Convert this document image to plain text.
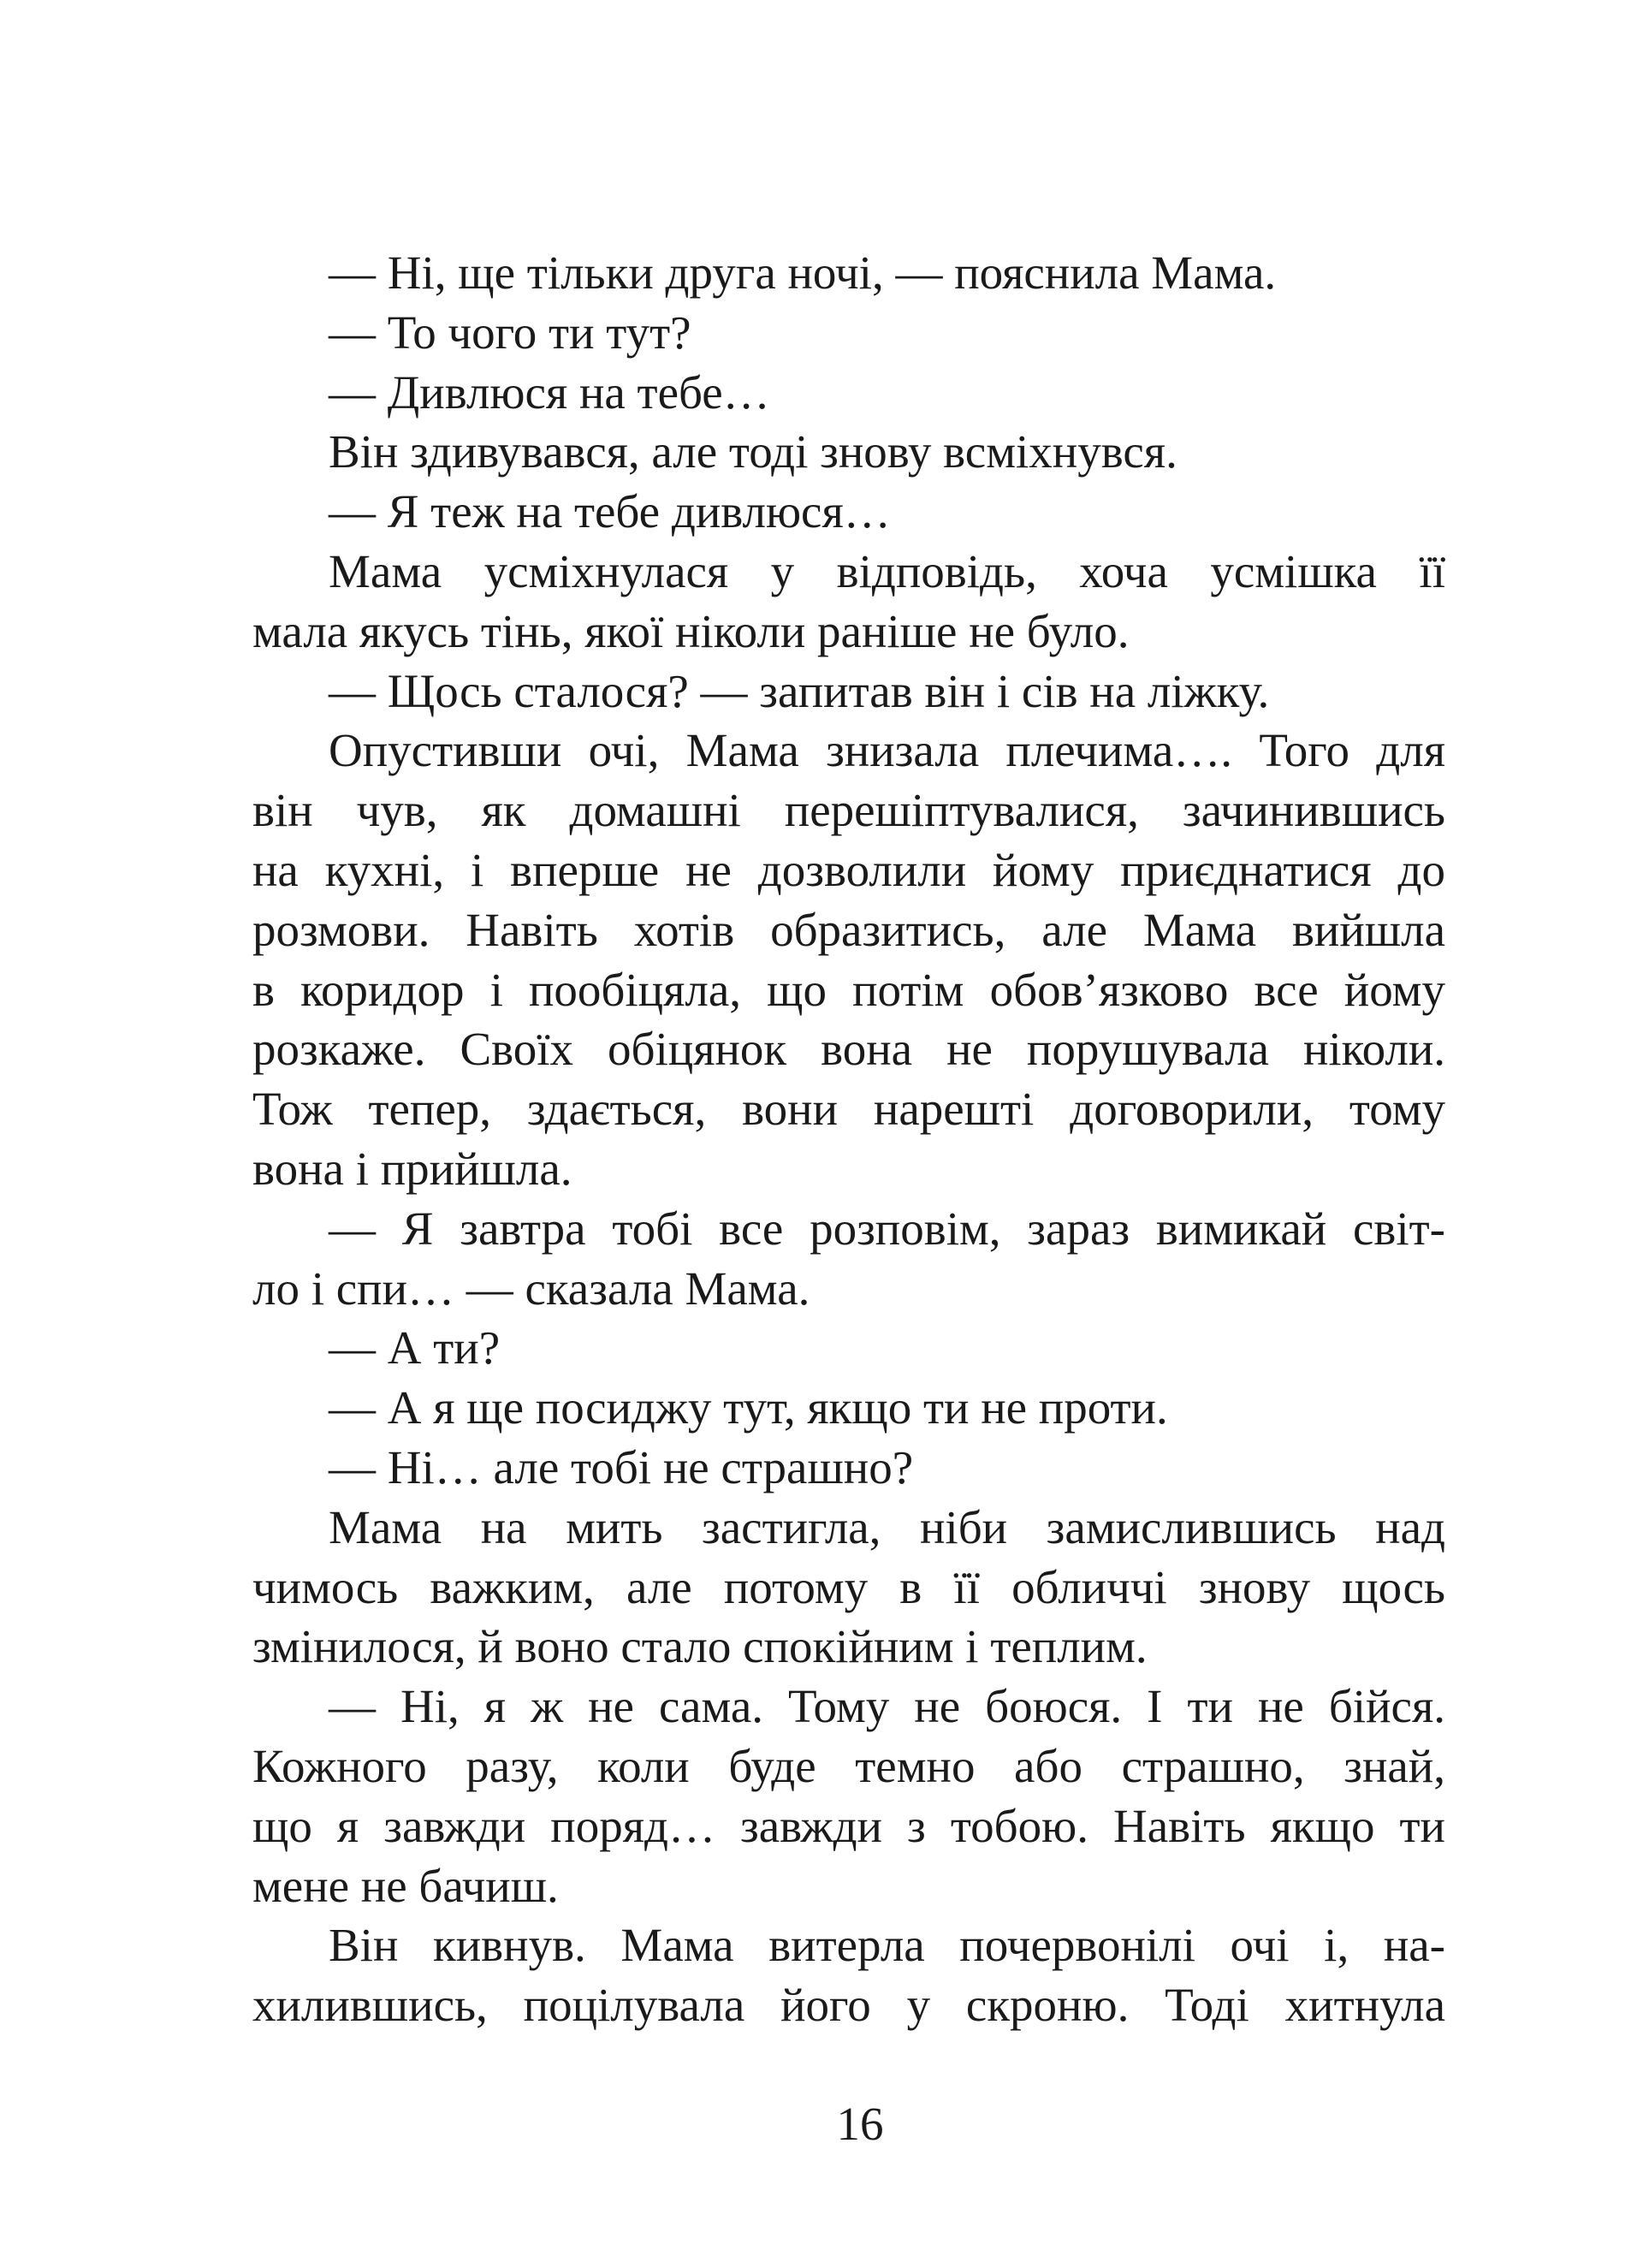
— Ні, ще тільки друга ночі, — пояснила Мама.
— То чого ти тут?
— Дивлюся на тебе…
Він здивувався, але тоді знову всміхнувся.
— Я теж на тебе дивлюся…
Мама усміхнулася у відповідь, хоча усмішка її
мала якусь тінь, якої ніколи раніше не було.
— Щось сталося? — запитав він і сів на ліжку.
Опустивши очі, Мама знизала плечима…. Того для
він чув, як домашні перешіптувалися, зачинившись
на кухні, і вперше не дозволили йому приєднатися до
розмови. Навіть хотів образитись, але Мама вийшла
в коридор і пообіцяла, що потім обов’язково все йому
розкаже. Своїх обіцянок вона не порушувала ніколи.
Тож тепер, здається, вони нарешті договорили, тому
вона і прийшла.
— Я завтра тобі все розповім, зараз вимикай світ-
ло і спи… — сказала Мама.
— А ти?
— А я ще посиджу тут, якщо ти не проти.
— Ні… але тобі не страшно?
Мама на мить застигла, ніби замислившись над
чимось важким, але потому в її обличчі знову щось
змінилося, й воно стало спокійним і теплим.
— Ні, я ж не сама. Тому не боюся. І ти не бійся.
Кожного разу, коли буде темно або страшно, знай,
що я завжди поряд… завжди з тобою. Навіть якщо ти
мене не бачиш.
Він кивнув. Мама витерла почервонілі очі і, на-
хилившись, поцілувала його у скроню. Тоді хитнула
16
